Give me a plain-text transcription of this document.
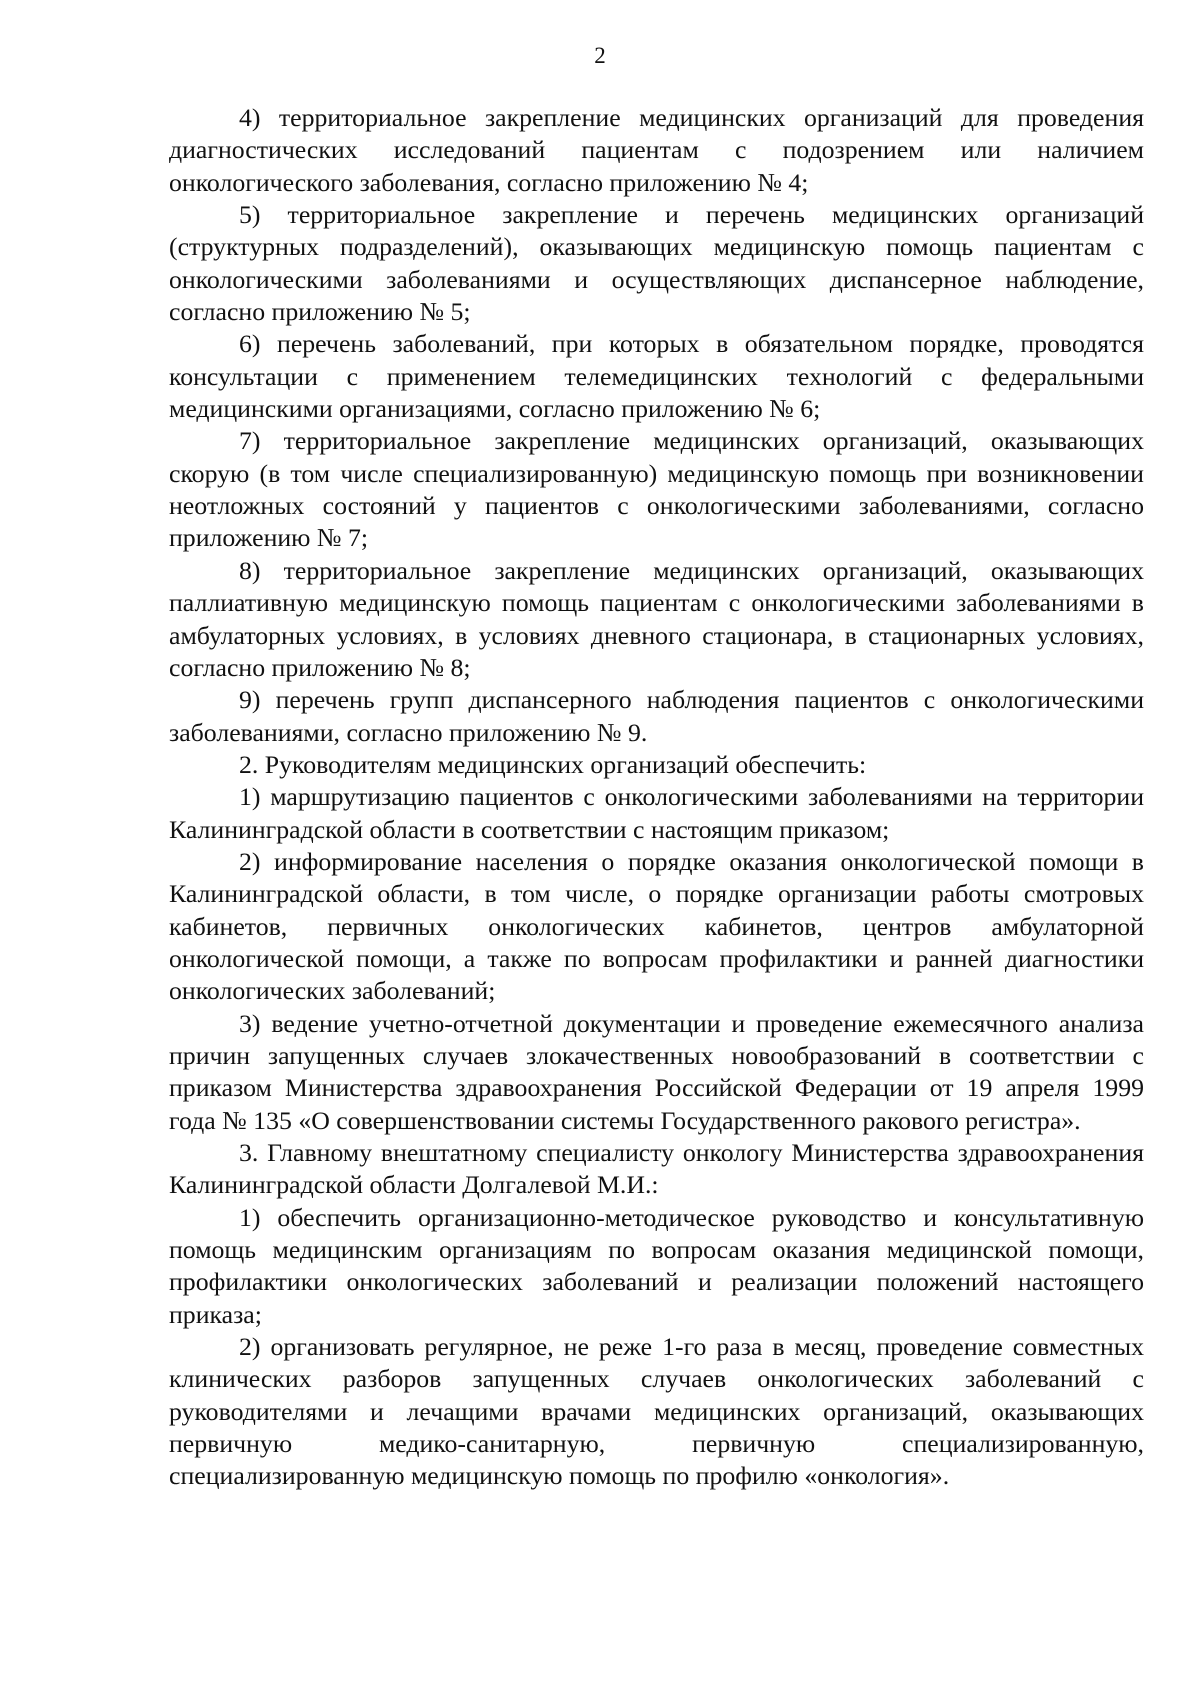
2

4) территориальное закрепление медицинских организаций для проведения диагностических исследований пациентам с подозрением или наличием онкологического заболевания, согласно приложению № 4;

5) территориальное закрепление и перечень медицинских организаций (структурных подразделений), оказывающих медицинскую помощь пациентам с онкологическими заболеваниями и осуществляющих диспансерное наблюдение, согласно приложению № 5;

6) перечень заболеваний, при которых в обязательном порядке, проводятся консультации с применением телемедицинских технологий с федеральными медицинскими организациями, согласно приложению № 6;

7) территориальное закрепление медицинских организаций, оказывающих скорую (в том числе специализированную) медицинскую помощь при возникновении неотложных состояний у пациентов с онкологическими заболеваниями, согласно приложению № 7;

8) территориальное закрепление медицинских организаций, оказывающих паллиативную медицинскую помощь пациентам с онкологическими заболеваниями в амбулаторных условиях, в условиях дневного стационара, в стационарных условиях, согласно приложению № 8;

9) перечень групп диспансерного наблюдения пациентов с онкологическими заболеваниями, согласно приложению № 9.

2. Руководителям медицинских организаций обеспечить:

1) маршрутизацию пациентов с онкологическими заболеваниями на территории Калининградской области в соответствии с настоящим приказом;

2) информирование населения о порядке оказания онкологической помощи в Калининградской области, в том числе, о порядке организации работы смотровых кабинетов, первичных онкологических кабинетов, центров амбулаторной онкологической помощи, а также по вопросам профилактики и ранней диагностики онкологических заболеваний;

3) ведение учетно-отчетной документации и проведение ежемесячного анализа причин запущенных случаев злокачественных новообразований в соответствии с приказом Министерства здравоохранения Российской Федерации от 19 апреля 1999 года № 135 «О совершенствовании системы Государственного ракового регистра».

3. Главному внештатному специалисту онкологу Министерства здравоохранения Калининградской области Долгалевой М.И.:

1) обеспечить организационно-методическое руководство и консультативную помощь медицинским организациям по вопросам оказания медицинской помощи, профилактики онкологических заболеваний и реализации положений настоящего приказа;

2) организовать регулярное, не реже 1-го раза в месяц, проведение совместных клинических разборов запущенных случаев онкологических заболеваний с руководителями и лечащими врачами медицинских организаций, оказывающих первичную медико-санитарную, первичную специализированную, специализированную медицинскую помощь по профилю «онкология».
